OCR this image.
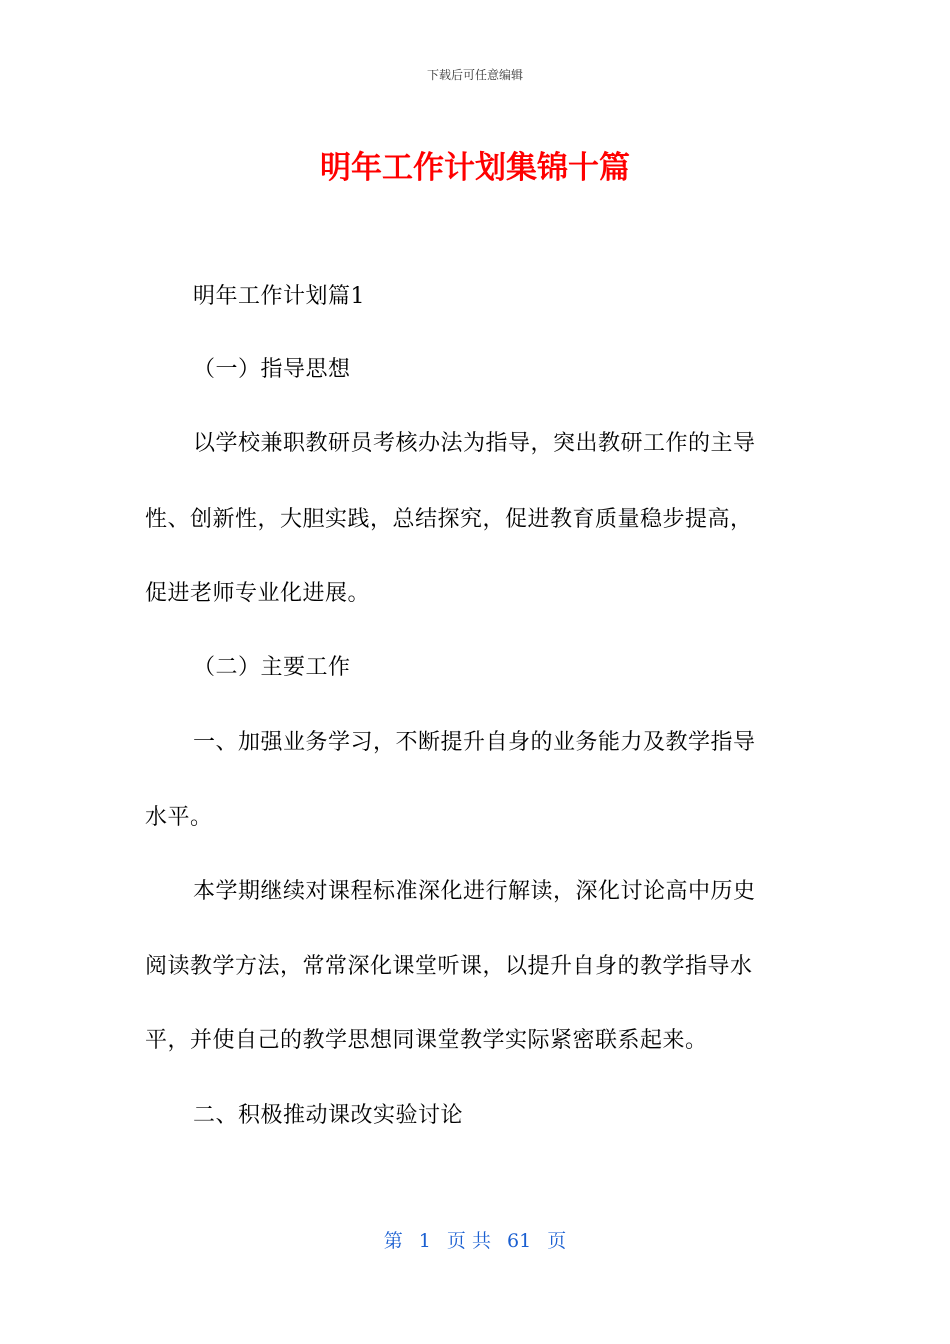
下载后可任意编辑
明年工作计划集锦十篇
明年工作计划篇1
（一）指导思想
以学校兼职教研员考核办法为指导，突出教研工作的主导
性、创新性，大胆实践，总结探究，促进教育质量稳步提高，
促进老师专业化进展。
（二）主要工作
一、加强业务学习，不断提升自身的业务能力及教学指导
水平。
本学期继续对课程标准深化进行解读，深化讨论高中历史
阅读教学方法，常常深化课堂听课，以提升自身的教学指导水
平，并使自己的教学思想同课堂教学实际紧密联系起来。
二、积极推动课改实验讨论
第 1 页 共 61 页
